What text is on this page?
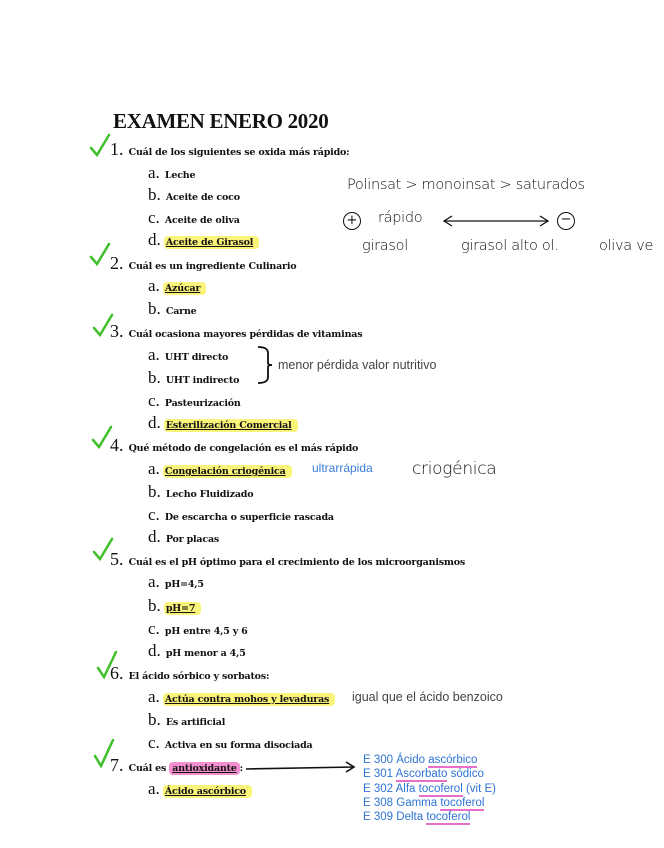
EXAMEN ENERO 2020
1. Cuál de los siguientes se oxida más rápido:
a. Leche
b. Aceite de coco
c. Aceite de oliva
d. Aceite de Girasol
Polinsat > monoinsat > saturados
+ rápido	−
girasol	girasol alto ol.	oliva ve
2. Cuál es un ingrediente Culinario
a. Azúcar
b. Carne
3. Cuál ocasiona mayores pérdidas de vitaminas
a. UHT directo
b. UHT indirecto
c. Pasteurización
d. Esterilización Comercial
menor pérdida valor nutritivo
4. Qué método de congelación es el más rápido
a. Congelación criogénica
b. Lecho Fluidizado
c. De escarcha o superficie rascada
d. Por placas
ultrarrápida criogénica
5. Cuál es el pH óptimo para el crecimiento de los microorganismos
a. pH=4,5
b. pH=7
c. pH entre 4,5 y 6
d. pH menor a 4,5
6. El ácido sórbico y sorbatos:
a. Actúa contra mohos y levaduras
b. Es artificial
c. Activa en su forma disociada
igual que el ácido benzoico
7. Cuál es antioxidante :
a. Ácido ascórbico
E 300 Ácido ascórbico
E 301 Ascorbato sódico
E 302 Alfa tocoferol (vit E)
E 308 Gamma tocoferol
E 309 Delta tocoferol
